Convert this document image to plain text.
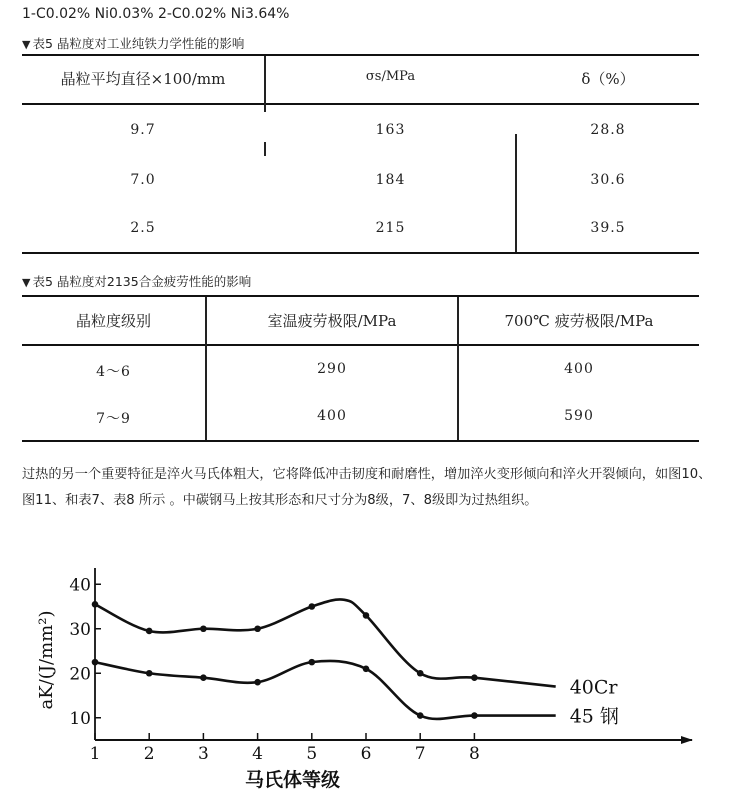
1-C0.02% Ni0.03% 2-C0.02% Ni3.64%
▼ 表5 晶粒度对工业纯铁力学性能的影响
晶粒平均直径×100/mm	σs/MPa	δ（%）
9.7	163	28.8
7.0	184	30.6
2.5	215	39.5
▼ 表5 晶粒度对2135合金疲劳性能的影响
晶粒度级别	室温疲劳极限/MPa	700℃ 疲劳极限/MPa
4～6	290	400
7～9	400	590
过热的另一个重要特征是淬火马氏体粗大，它将降低冲击韧度和耐磨性，增加淬火变形倾向和淬火开裂倾向，如图10、图11、和表7、表8 所示 。中碳钢马上按其形态和尺寸分为8级，7、8级即为过热组织。
1	2	3	4	5	6	7	8
10
20
30
40
40Cr
45 钢
马氏体等级
aK/(J/mm²)
